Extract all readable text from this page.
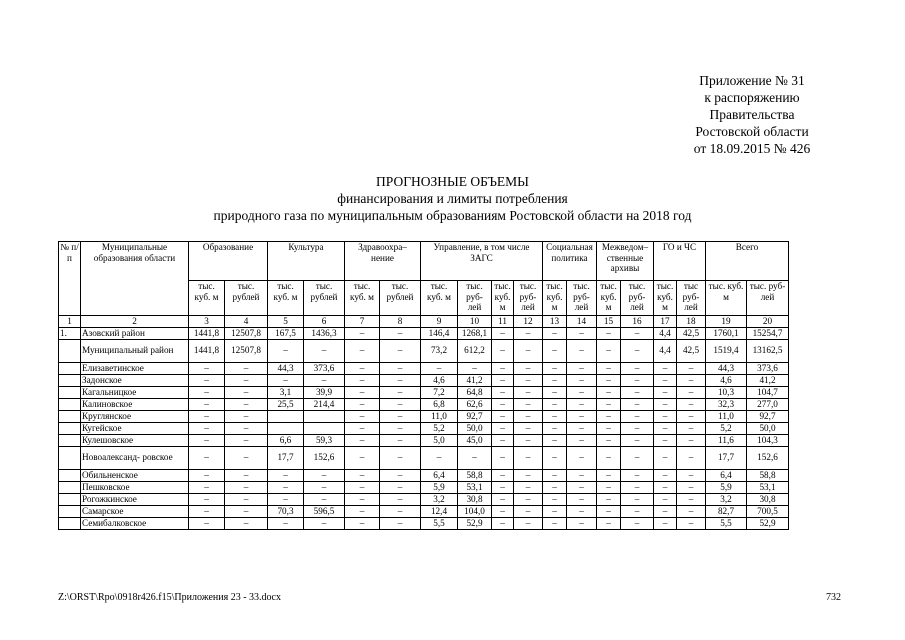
Приложение № 31
к распоряжению
Правительства
Ростовской области
от 18.09.2015 № 426
ПРОГНОЗНЫЕ ОБЪЕМЫ
финансирования и лимиты потребления
природного газа по муниципальным образованиям Ростовской области на 2018 год
№ п/п	Муниципальные образования области	Образование		Культура		Здравоохра– нение		Управление, в том числе ЗАГС				Социальная политика		Межведом– ственные архивы		ГО и ЧС		Всего	
		тыс. куб. м	тыс. рублей	тыс. куб. м	тыс. рублей	тыс. куб. м	тыс. рублей	тыс. куб. м	тыс. руб- лей	тыс. куб. м	тыс. руб- лей	тыс. куб. м	тыс. руб- лей	тыс. куб. м	тыс. руб- лей	тыс. куб. м	тыс руб- лей	тыс. куб. м	тыс. руб- лей
1	2	3	4	5	6	7	8	9	10	11	12	13	14	15	16	17	18	19	20
1.	Азовский район	1441,8	12507,8	167,5	1436,3	–	–	146,4	1268,1	–	–	–	–	–	–	4,4	42,5	1760,1	15254,7
	Муниципальный район	1441,8	12507,8	–	–	–	–	73,2	612,2	–	–	–	–	–	–	4,4	42,5	1519,4	13162,5
	Елизаветинское	–	–	44,3	373,6	–	–	–	–	–	–	–	–	–	–	–	–	44,3	373,6
	Задонское	–	–	–	–	–	–	4,6	41,2	–	–	–	–	–	–	–	–	4,6	41,2
	Кагальницкое	–	–	3,1	39,9	–	–	7,2	64,8	–	–	–	–	–	–	–	–	10,3	104,7
	Калиновское	–	–	25,5	214,4	–	–	6,8	62,6	–	–	–	–	–	–	–	–	32,3	277,0
	Круглянское	–	–			–	–	11,0	92,7	–	–	–	–	–	–	–	–	11,0	92,7
	Кугейское	–	–			–	–	5,2	50,0	–	–	–	–	–	–	–	–	5,2	50,0
	Кулешовское	–	–	6,6	59,3	–	–	5,0	45,0	–	–	–	–	–	–	–	–	11,6	104,3
	Новоалександ- ровское	–	–	17,7	152,6	–	–	–	–	–	–	–	–	–	–	–	–	17,7	152,6
	Обильненское	–	–	–	–	–	–	6,4	58,8	–	–	–	–	–	–	–	–	6,4	58,8
	Пешковское	–	–	–	–	–	–	5,9	53,1	–	–	–	–	–	–	–	–	5,9	53,1
	Рогожкинское	–	–	–	–	–	–	3,2	30,8	–	–	–	–	–	–	–	–	3,2	30,8
	Самарское	–	–	70,3	596,5	–	–	12,4	104,0	–	–	–	–	–	–	–	–	82,7	700,5
	Семибалковское	–	–	–	–	–	–	5,5	52,9	–	–	–	–	–	–	–	–	5,5	52,9
Z:\ORST\Rpo\0918r426.f15\Приложения 23 - 33.docx	732
